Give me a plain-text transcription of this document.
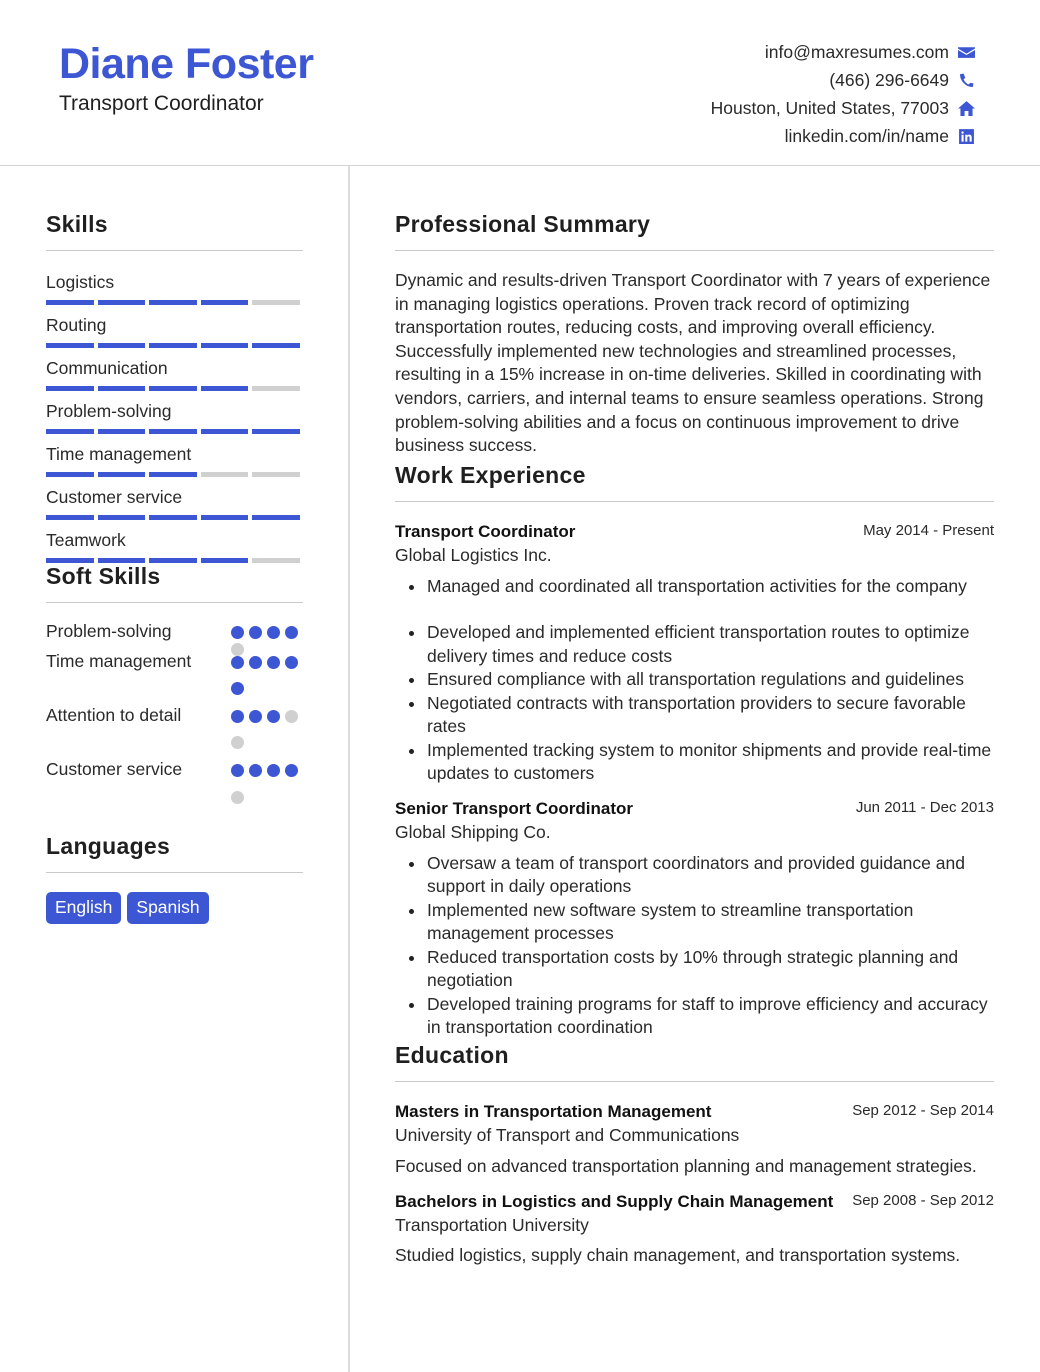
Diane Foster
Transport Coordinator
info@maxresumes.com
(466) 296-6649
Houston, United States, 77003
linkedin.com/in/name
Skills
Logistics
Routing
Communication
Problem-solving
Time management
Customer service
Teamwork
Soft Skills
Problem-solving
Time management
Attention to detail
Customer service
Languages
English	Spanish
Professional Summary
Dynamic and results-driven Transport Coordinator with 7 years of experience in managing logistics operations. Proven track record of optimizing transportation routes, reducing costs, and improving overall efficiency. Successfully implemented new technologies and streamlined processes, resulting in a 15% increase in on-time deliveries. Skilled in coordinating with vendors, carriers, and internal teams to ensure seamless operations. Strong problem-solving abilities and a focus on continuous improvement to drive business success.
Work Experience
Transport Coordinator	May 2014 - Present
Global Logistics Inc.
Managed and coordinated all transportation activities for the company
Developed and implemented efficient transportation routes to optimize delivery times and reduce costs
Ensured compliance with all transportation regulations and guidelines
Negotiated contracts with transportation providers to secure favorable rates
Implemented tracking system to monitor shipments and provide real-time updates to customers
Senior Transport Coordinator	Jun 2011 - Dec 2013
Global Shipping Co.
Oversaw a team of transport coordinators and provided guidance and support in daily operations
Implemented new software system to streamline transportation management processes
Reduced transportation costs by 10% through strategic planning and negotiation
Developed training programs for staff to improve efficiency and accuracy in transportation coordination
Education
Masters in Transportation Management	Sep 2012 - Sep 2014
University of Transport and Communications
Focused on advanced transportation planning and management strategies.
Bachelors in Logistics and Supply Chain Management Sep 2008 - Sep 2012
Transportation University
Studied logistics, supply chain management, and transportation systems.
